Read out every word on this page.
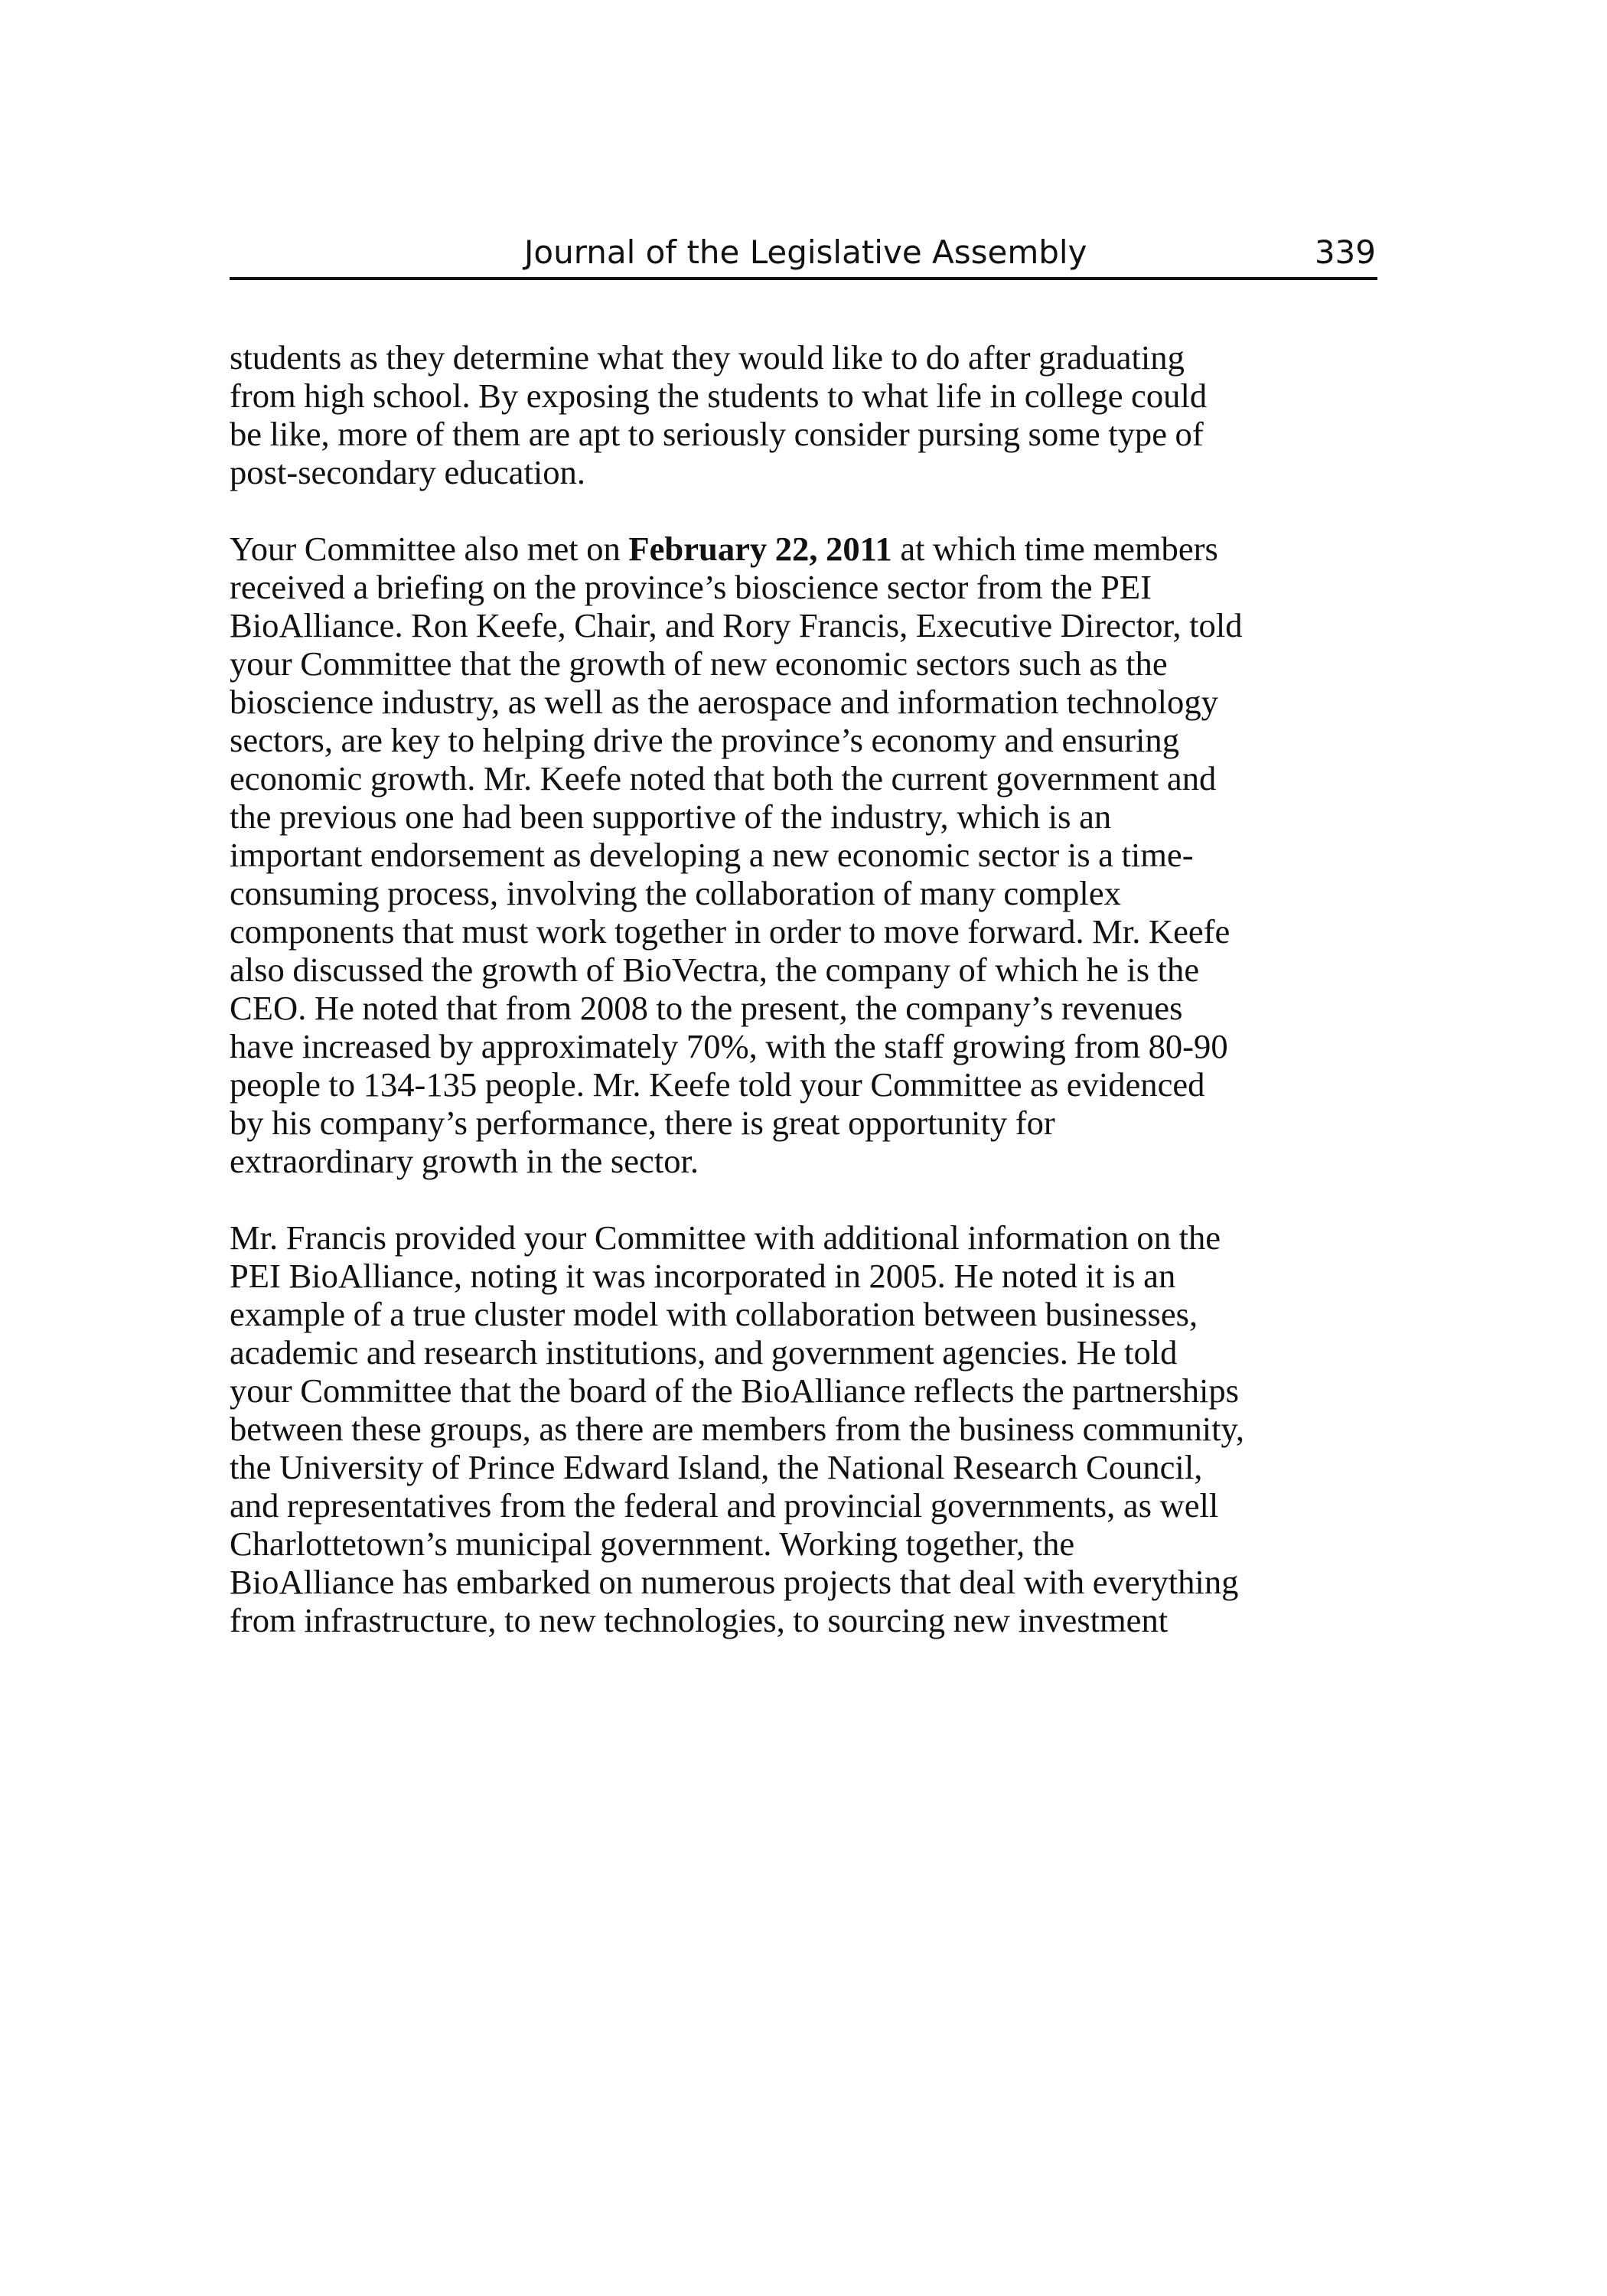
Journal of the Legislative Assembly	339
students as they determine what they would like to do after graduating
from high school. By exposing the students to what life in college could
be like, more of them are apt to seriously consider pursing some type of
post-secondary education.
Your Committee also met on February 22, 2011 at which time members
received a briefing on the province’s bioscience sector from the PEI
BioAlliance. Ron Keefe, Chair, and Rory Francis, Executive Director, told
your Committee that the growth of new economic sectors such as the
bioscience industry, as well as the aerospace and information technology
sectors, are key to helping drive the province’s economy and ensuring
economic growth. Mr. Keefe noted that both the current government and
the previous one had been supportive of the industry, which is an
important endorsement as developing a new economic sector is a time-
consuming process, involving the collaboration of many complex
components that must work together in order to move forward. Mr. Keefe
also discussed the growth of BioVectra, the company of which he is the
CEO. He noted that from 2008 to the present, the company’s revenues
have increased by approximately 70%, with the staff growing from 80-90
people to 134-135 people. Mr. Keefe told your Committee as evidenced
by his company’s performance, there is great opportunity for
extraordinary growth in the sector.
Mr. Francis provided your Committee with additional information on the
PEI BioAlliance, noting it was incorporated in 2005. He noted it is an
example of a true cluster model with collaboration between businesses,
academic and research institutions, and government agencies. He told
your Committee that the board of the BioAlliance reflects the partnerships
between these groups, as there are members from the business community,
the University of Prince Edward Island, the National Research Council,
and representatives from the federal and provincial governments, as well
Charlottetown’s municipal government. Working together, the
BioAlliance has embarked on numerous projects that deal with everything
from infrastructure, to new technologies, to sourcing new investment
